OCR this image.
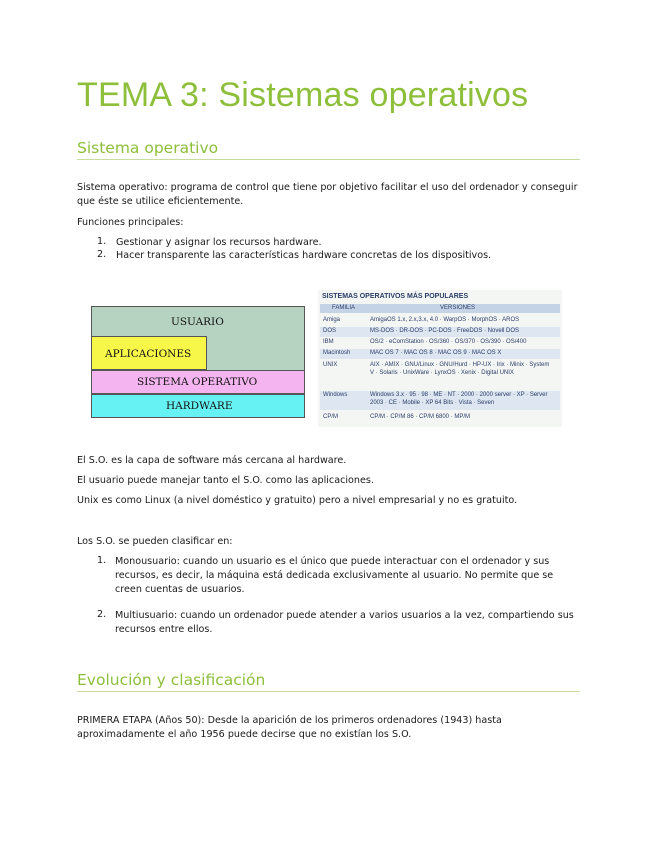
TEMA 3: Sistemas operativos
Sistema operativo
Sistema operativo: programa de control que tiene por objetivo facilitar el uso del ordenador y conseguir que éste se utilice eficientemente.
Funciones principales:
1. Gestionar y asignar los recursos hardware.
2. Hacer transparente las características hardware concretas de los dispositivos.
USUARIO
APLICACIONES
SISTEMA OPERATIVO
HARDWARE
SISTEMAS OPERATIVOS MÁS POPULARES
FAMILIA	VERSIONES
Amiga	AmigaOS 1.x, 2.x,3.x, 4.0 · WarpOS · MorphOS · AROS
DOS	MS-DOS · DR-DOS · PC-DOS · FreeDOS · Novell DOS
IBM	OS/2 · eComStation · OS/360 · OS/370 · OS/390 · OS/400
Macintosh	MAC OS 7 · MAC OS 8 · MAC OS 9 · MAC OS X
UNIX	AIX · AMIX · GNU/Linux · GNU/Hurd · HP-UX · Irix · Minix · System V · Solaris · UnixWare · LynxOS · Xenix · Digital UNIX
Windows	Windows 3.x · 95 · 98 · ME · NT · 2000 · 2000 server · XP · Server 2003 · CE · Mobile · XP 64 Bits · Vista · Seven
CP/M	CP/M · CP/M 86 · CP/M 6800 · MP/M
El S.O. es la capa de software más cercana al hardware.
El usuario puede manejar tanto el S.O. como las aplicaciones.
Unix es como Linux (a nivel doméstico y gratuito) pero a nivel empresarial y no es gratuito.
Los S.O. se pueden clasificar en:
1. Monousuario: cuando un usuario es el único que puede interactuar con el ordenador y sus recursos, es decir, la máquina está dedicada exclusivamente al usuario. No permite que se creen cuentas de usuarios.
2. Multiusuario: cuando un ordenador puede atender a varios usuarios a la vez, compartiendo sus recursos entre ellos.
Evolución y clasificación
PRIMERA ETAPA (Años 50): Desde la aparición de los primeros ordenadores (1943) hasta aproximadamente el año 1956 puede decirse que no existían los S.O.
